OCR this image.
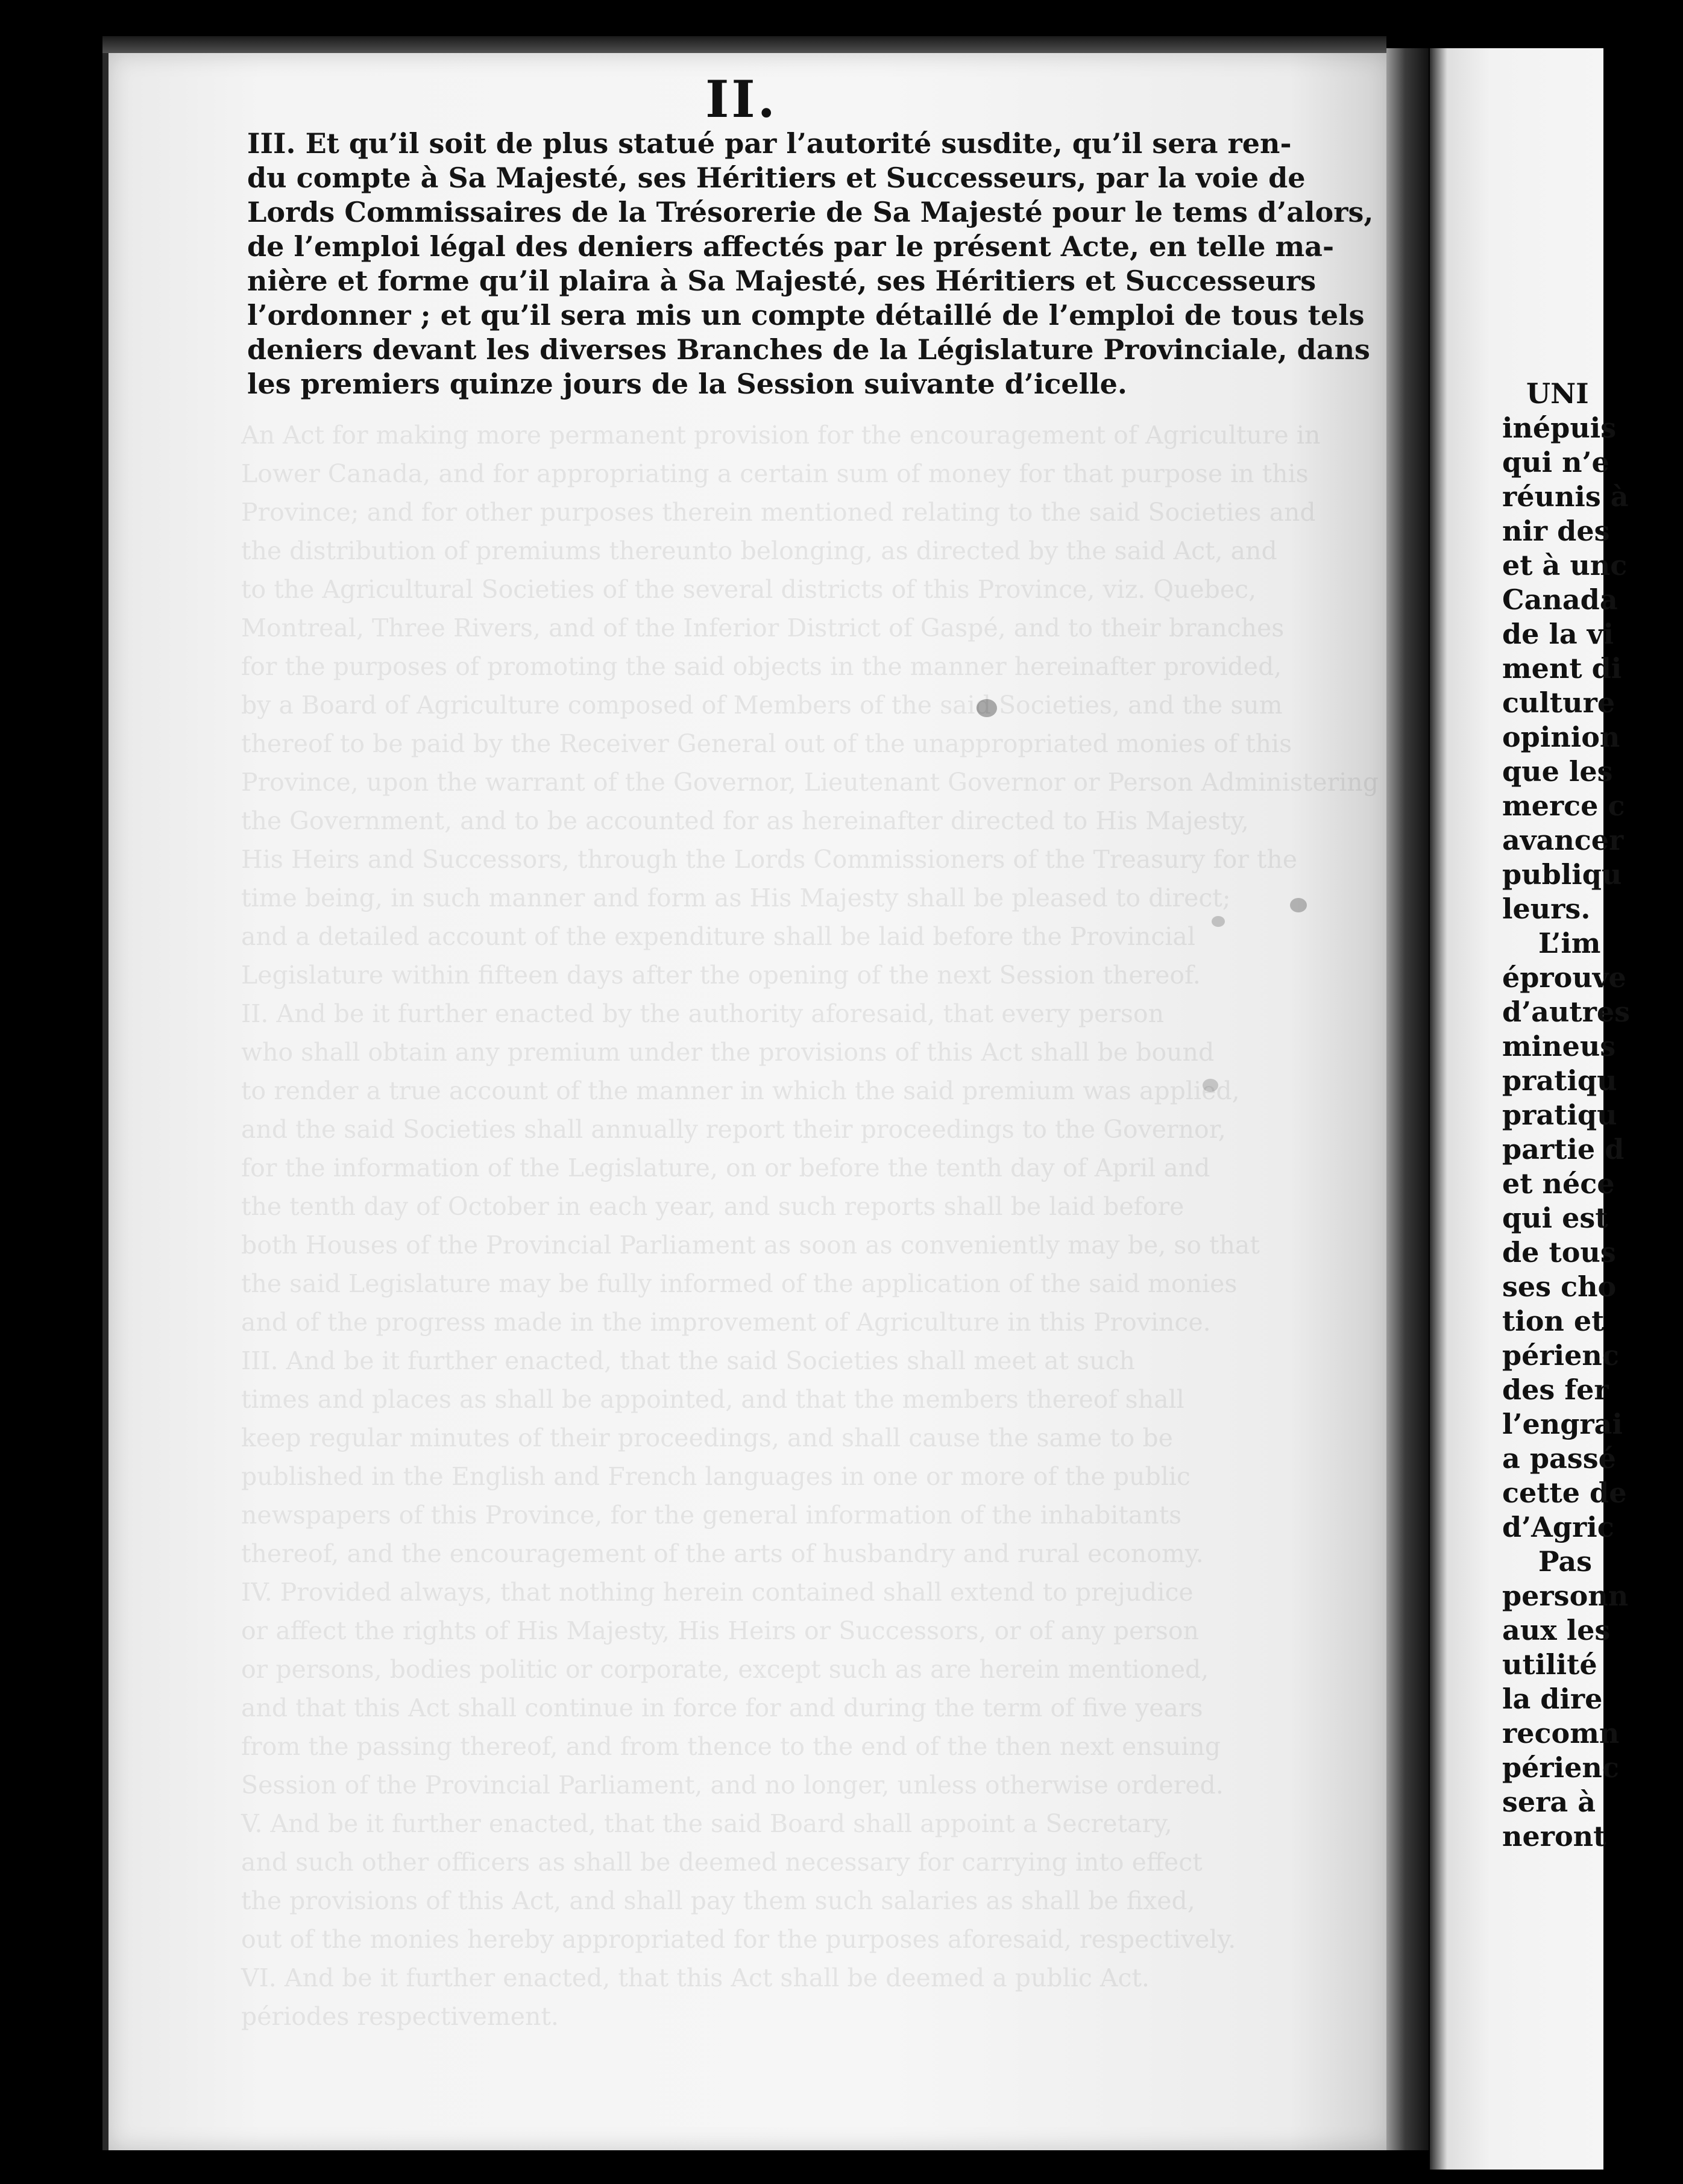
An Act for making more permanent provision for the encouragement of Agriculture in
Lower Canada, and for appropriating a certain sum of money for that purpose in this
Province; and for other purposes therein mentioned relating to the said Societies and
the distribution of premiums thereunto belonging, as directed by the said Act, and
to the Agricultural Societies of the several districts of this Province, viz. Quebec,
Montreal, Three Rivers, and of the Inferior District of Gaspé, and to their branches
for the purposes of promoting the said objects in the manner hereinafter provided,
by a Board of Agriculture composed of Members of the said Societies, and the sum
thereof to be paid by the Receiver General out of the unappropriated monies of this
Province, upon the warrant of the Governor, Lieutenant Governor or Person Administering
the Government, and to be accounted for as hereinafter directed to His Majesty,
His Heirs and Successors, through the Lords Commissioners of the Treasury for the
time being, in such manner and form as His Majesty shall be pleased to direct;
and a detailed account of the expenditure shall be laid before the Provincial
Legislature within fifteen days after the opening of the next Session thereof.
II. And be it further enacted by the authority aforesaid, that every person
who shall obtain any premium under the provisions of this Act shall be bound
to render a true account of the manner in which the said premium was applied,
and the said Societies shall annually report their proceedings to the Governor,
for the information of the Legislature, on or before the tenth day of April and
the tenth day of October in each year, and such reports shall be laid before
both Houses of the Provincial Parliament as soon as conveniently may be, so that
the said Legislature may be fully informed of the application of the said monies
and of the progress made in the improvement of Agriculture in this Province.
III. And be it further enacted, that the said Societies shall meet at such
times and places as shall be appointed, and that the members thereof shall
keep regular minutes of their proceedings, and shall cause the same to be
published in the English and French languages in one or more of the public
newspapers of this Province, for the general information of the inhabitants
thereof, and the encouragement of the arts of husbandry and rural economy.
IV. Provided always, that nothing herein contained shall extend to prejudice
or affect the rights of His Majesty, His Heirs or Successors, or of any person
or persons, bodies politic or corporate, except such as are herein mentioned,
and that this Act shall continue in force for and during the term of five years
from the passing thereof, and from thence to the end of the then next ensuing
Session of the Provincial Parliament, and no longer, unless otherwise ordered.
V. And be it further enacted, that the said Board shall appoint a Secretary,
and such other officers as shall be deemed necessary for carrying into effect
the provisions of this Act, and shall pay them such salaries as shall be fixed,
out of the monies hereby appropriated for the purposes aforesaid, respectively.
VI. And be it further enacted, that this Act shall be deemed a public Act.
périodes respectivement.
II.
III. Et qu’il soit de plus statué par l’autorité susdite, qu’il sera ren-
du compte à Sa Majesté, ses Héritiers et Successeurs, par la voie de
Lords Commissaires de la Trésorerie de Sa Majesté pour le tems d’alors,
de l’emploi légal des deniers affectés par le présent Acte, en telle ma-
nière et forme qu’il plaira à Sa Majesté, ses Héritiers et Successeurs
l’ordonner ; et qu’il sera mis un compte détaillé de l’emploi de tous tels
deniers devant les diverses Branches de la Législature Provinciale, dans
les premiers quinze jours de la Session suivante d’icelle.	UNI
inépuis
qui n’e
réunis à
nir des
et à unc
Canada
de la vi
ment di
culture
opinion
que les
merce c
avancer
publiqu
leurs.
L’im
éprouve
d’autres
mineus
pratiqu
pratiqu
partie d
et néce
qui est
de tous
ses cho
tion et
périenc
des fer
l’engrai
a passé
cette de
d’Agric
Pas
personn
aux les
utilité
la dire
recomn
périenc
sera à
neront
